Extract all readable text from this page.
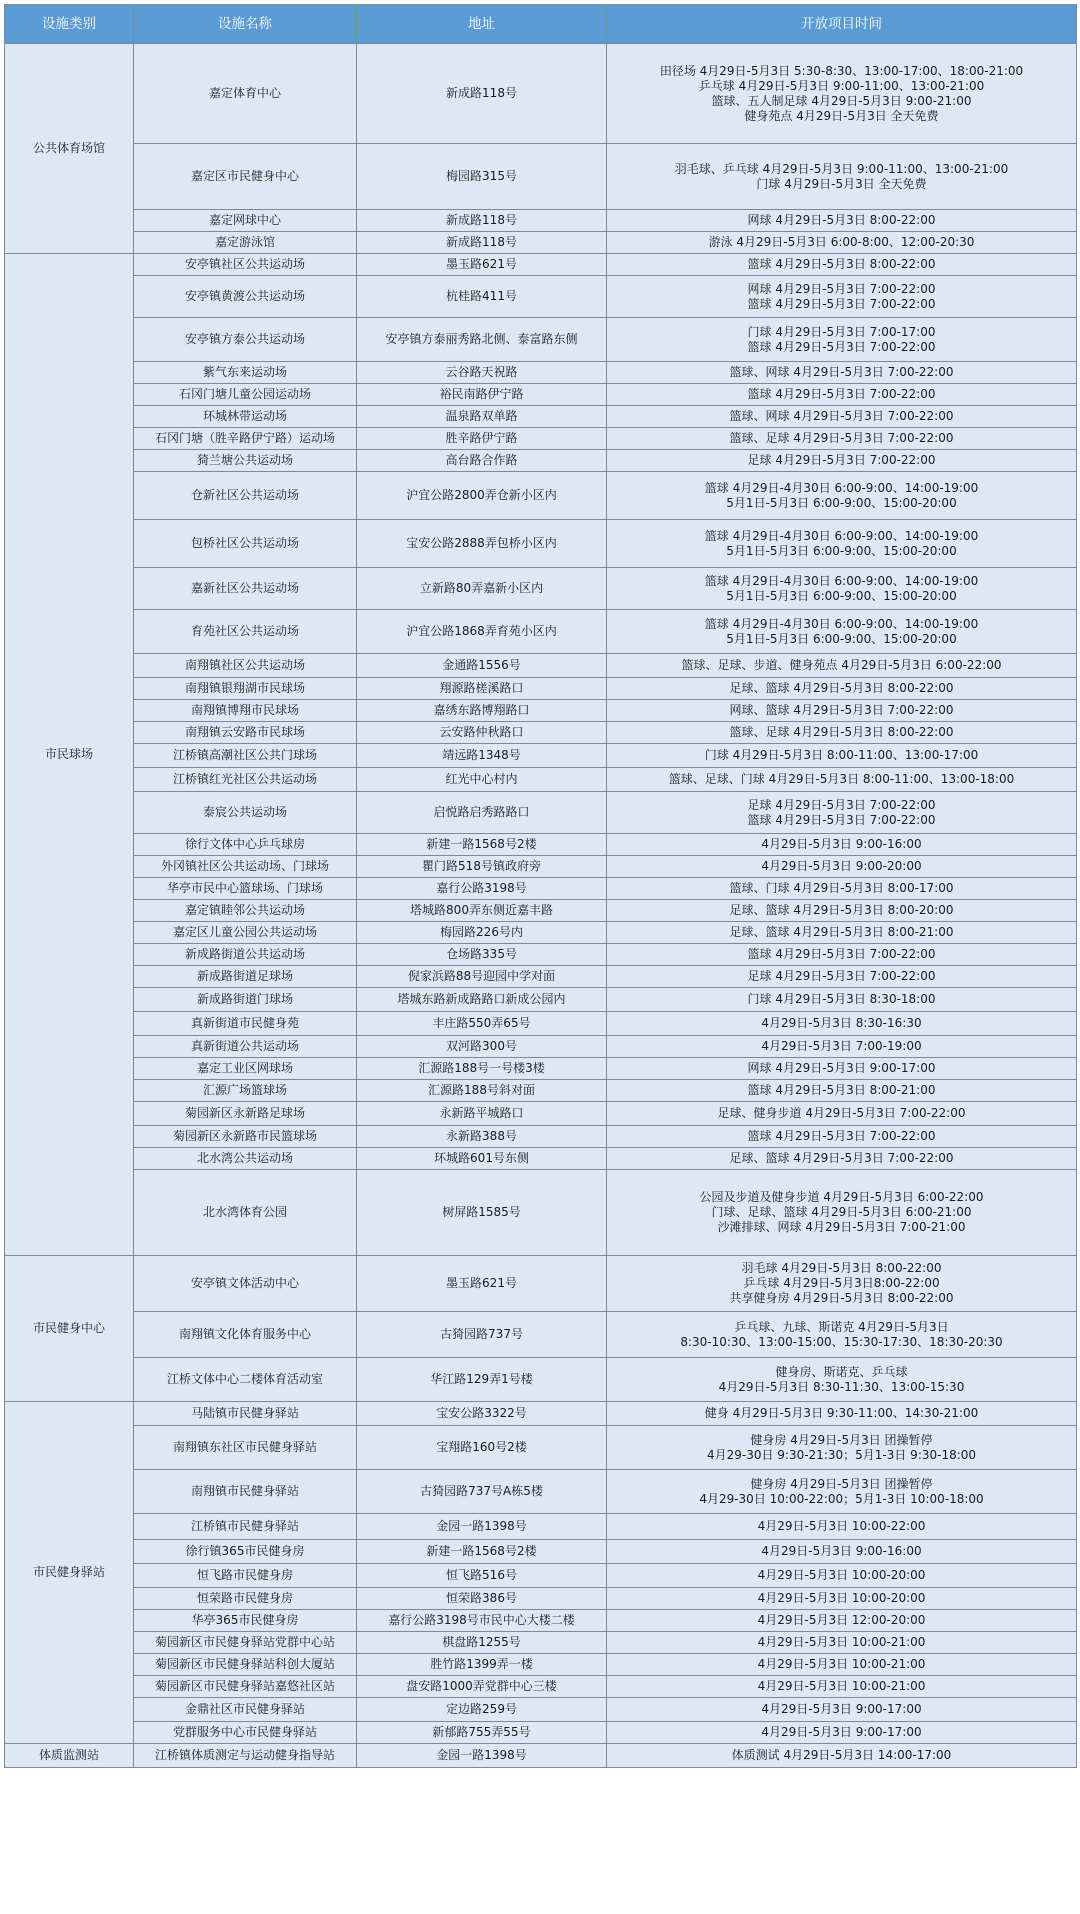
设施类别	设施名称	地址	开放项目时间
公共体育场馆	嘉定体育中心	新成路118号	田径场 4月29日-5月3日 5:30-8:30、13:00-17:00、18:00-21:00
乒乓球 4月29日-5月3日 9:00-11:00、13:00-21:00
篮球、五人制足球 4月29日-5月3日 9:00-21:00
健身苑点 4月29日-5月3日 全天免费

	嘉定区市民健身中心	梅园路315号	羽毛球、乒乓球 4月29日-5月3日 9:00-11:00、13:00-21:00
门球 4月29日-5月3日 全天免费

	嘉定网球中心	新成路118号	网球 4月29日-5月3日 8:00-22:00

	嘉定游泳馆	新成路118号	游泳 4月29日-5月3日 6:00-8:00、12:00-20:30

市民球场	安亭镇社区公共运动场	墨玉路621号	篮球 4月29日-5月3日 8:00-22:00

	安亭镇黄渡公共运动场	杭桂路411号	网球 4月29日-5月3日 7:00-22:00
篮球 4月29日-5月3日 7:00-22:00

	安亭镇方泰公共运动场	安亭镇方泰丽秀路北侧、泰富路东侧	门球 4月29日-5月3日 7:00-17:00
篮球 4月29日-5月3日 7:00-22:00

	紫气东来运动场	云谷路天祝路	篮球、网球 4月29日-5月3日 7:00-22:00

	石冈门塘儿童公园运动场	裕民南路伊宁路	篮球 4月29日-5月3日 7:00-22:00

	环城林带运动场	温泉路双单路	篮球、网球 4月29日-5月3日 7:00-22:00

	石冈门塘（胜辛路伊宁路）运动场	胜辛路伊宁路	篮球、足球 4月29日-5月3日 7:00-22:00

	猗兰塘公共运动场	高台路合作路	足球 4月29日-5月3日 7:00-22:00

	仓新社区公共运动场	沪宜公路2800弄仓新小区内	篮球 4月29日-4月30日 6:00-9:00、14:00-19:00
5月1日-5月3日 6:00-9:00、15:00-20:00

	包桥社区公共运动场	宝安公路2888弄包桥小区内	篮球 4月29日-4月30日 6:00-9:00、14:00-19:00
5月1日-5月3日 6:00-9:00、15:00-20:00

	嘉新社区公共运动场	立新路80弄嘉新小区内	篮球 4月29日-4月30日 6:00-9:00、14:00-19:00
5月1日-5月3日 6:00-9:00、15:00-20:00

	育苑社区公共运动场	沪宜公路1868弄育苑小区内	篮球 4月29日-4月30日 6:00-9:00、14:00-19:00
5月1日-5月3日 6:00-9:00、15:00-20:00

	南翔镇社区公共运动场	金通路1556号	篮球、足球、步道、健身苑点 4月29日-5月3日 6:00-22:00

	南翔镇银翔湖市民球场	翔源路槎溪路口	足球、篮球 4月29日-5月3日 8:00-22:00

	南翔镇博翔市民球场	嘉绣东路博翔路口	网球、篮球 4月29日-5月3日 7:00-22:00

	南翔镇云安路市民球场	云安路仲秋路口	篮球、足球 4月29日-5月3日 8:00-22:00

	江桥镇高潮社区公共门球场	靖远路1348号	门球 4月29日-5月3日 8:00-11:00、13:00-17:00

	江桥镇红光社区公共运动场	红光中心村内	篮球、足球、门球 4月29日-5月3日 8:00-11:00、13:00-18:00

	泰宸公共运动场	启悦路启秀路路口	足球 4月29日-5月3日 7:00-22:00
篮球 4月29日-5月3日 7:00-22:00

	徐行文体中心乒乓球房	新建一路1568号2楼	4月29日-5月3日 9:00-16:00

	外冈镇社区公共运动场、门球场	瞿门路518号镇政府旁	4月29日-5月3日 9:00-20:00

	华亭市民中心篮球场、门球场	嘉行公路3198号	篮球、门球 4月29日-5月3日 8:00-17:00

	嘉定镇睦邻公共运动场	塔城路800弄东侧近嘉丰路	足球、篮球 4月29日-5月3日 8:00-20:00

	嘉定区儿童公园公共运动场	梅园路226号内	足球、篮球 4月29日-5月3日 8:00-21:00

	新成路街道公共运动场	仓场路335号	篮球 4月29日-5月3日 7:00-22:00

	新成路街道足球场	倪家浜路88号迎园中学对面	足球 4月29日-5月3日 7:00-22:00

	新成路街道门球场	塔城东路新成路路口新成公园内	门球 4月29日-5月3日 8:30-18:00

	真新街道市民健身苑	丰庄路550弄65号	4月29日-5月3日 8:30-16:30

	真新街道公共运动场	双河路300号	4月29日-5月3日 7:00-19:00

	嘉定工业区网球场	汇源路188号一号楼3楼	网球 4月29日-5月3日 9:00-17:00

	汇源广场篮球场	汇源路188号斜对面	篮球 4月29日-5月3日 8:00-21:00

	菊园新区永新路足球场	永新路平城路口	足球、健身步道 4月29日-5月3日 7:00-22:00

	菊园新区永新路市民篮球场	永新路388号	篮球 4月29日-5月3日 7:00-22:00

	北水湾公共运动场	环城路601号东侧	足球、篮球 4月29日-5月3日 7:00-22:00

	北水湾体育公园	树屏路1585号	公园及步道及健身步道 4月29日-5月3日 6:00-22:00
门球、足球、篮球 4月29日-5月3日 6:00-21:00
沙滩排球、网球 4月29日-5月3日 7:00-21:00

市民健身中心	安亭镇文体活动中心	墨玉路621号	羽毛球 4月29日-5月3日 8:00-22:00
乒乓球 4月29日-5月3日8:00-22:00
共享健身房 4月29日-5月3日 8:00-22:00

	南翔镇文化体育服务中心	古猗园路737号	乒乓球、九球、斯诺克 4月29日-5月3日
8:30-10:30、13:00-15:00、15:30-17:30、18:30-20:30

	江桥文体中心二楼体育活动室	华江路129弄1号楼	健身房、斯诺克、乒乓球
4月29日-5月3日 8:30-11:30、13:00-15:30

市民健身驿站	马陆镇市民健身驿站	宝安公路3322号	健身 4月29日-5月3日 9:30-11:00、14:30-21:00

	南翔镇东社区市民健身驿站	宝翔路160号2楼	健身房 4月29日-5月3日 团操暂停
4月29-30日 9:30-21:30；5月1-3日 9:30-18:00

	南翔镇市民健身驿站	古猗园路737号A栋5楼	健身房 4月29日-5月3日 团操暂停
4月29-30日 10:00-22:00；5月1-3日 10:00-18:00

	江桥镇市民健身驿站	金园一路1398号	4月29日-5月3日 10:00-22:00

	徐行镇365市民健身房	新建一路1568号2楼	4月29日-5月3日 9:00-16:00

	恒飞路市民健身房	恒飞路516号	4月29日-5月3日 10:00-20:00

	恒荣路市民健身房	恒荣路386号	4月29日-5月3日 10:00-20:00

	华亭365市民健身房	嘉行公路3198号市民中心大楼二楼	4月29日-5月3日 12:00-20:00

	菊园新区市民健身驿站党群中心站	棋盘路1255号	4月29日-5月3日 10:00-21:00

	菊园新区市民健身驿站科创大厦站	胜竹路1399弄一楼	4月29日-5月3日 10:00-21:00

	菊园新区市民健身驿站嘉悠社区站	盘安路1000弄党群中心三楼	4月29日-5月3日 10:00-21:00

	金鼎社区市民健身驿站	定边路259号	4月29日-5月3日 9:00-17:00

	党群服务中心市民健身驿站	新郁路755弄55号	4月29日-5月3日 9:00-17:00

体质监测站	江桥镇体质测定与运动健身指导站	金园一路1398号	体质测试 4月29日-5月3日 14:00-17:00
